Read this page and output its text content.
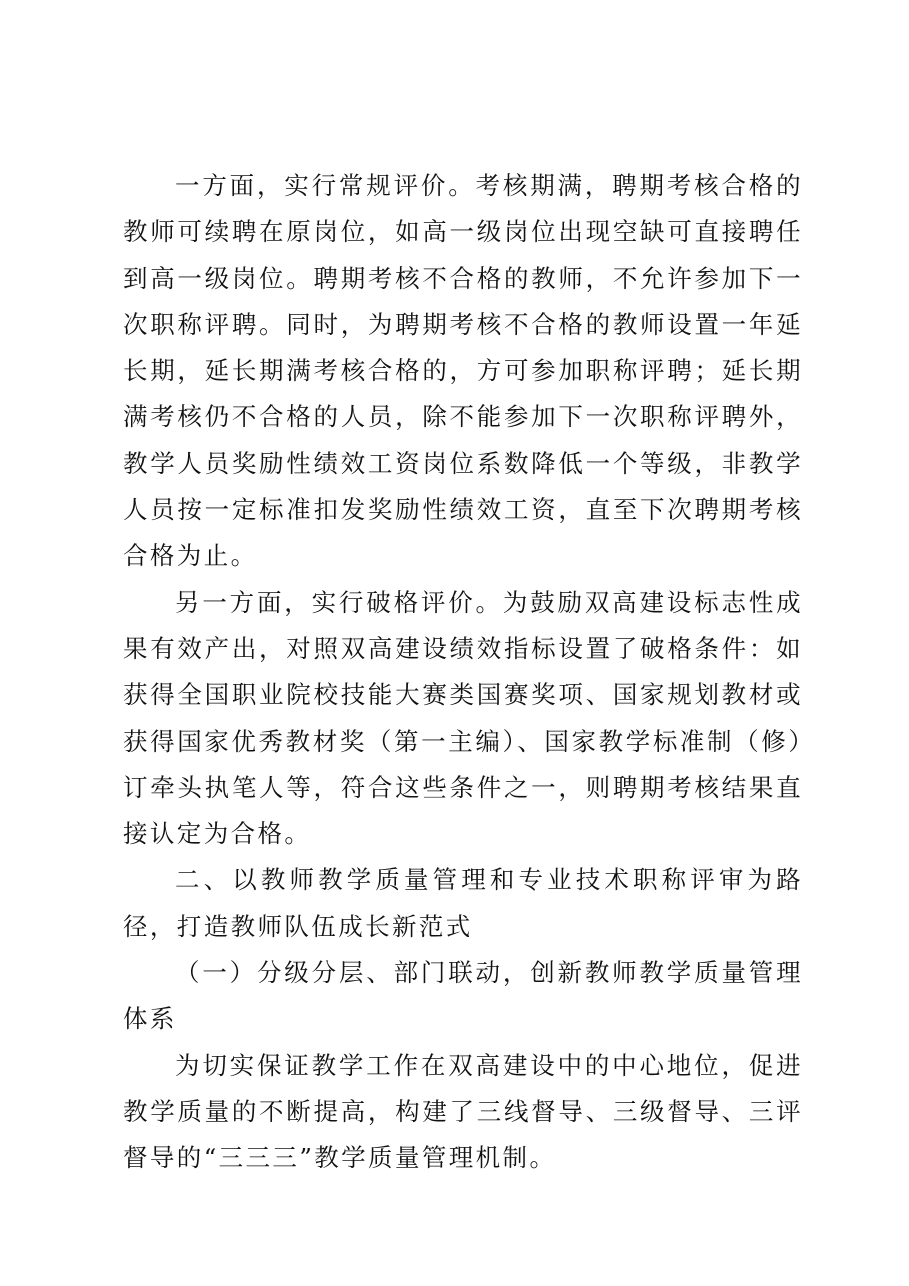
一方面，实行常规评价。考核期满，聘期考核合格的教师可续聘在原岗位，如高一级岗位出现空缺可直接聘任到高一级岗位。聘期考核不合格的教师，不允许参加下一次职称评聘。同时，为聘期考核不合格的教师设置一年延长期，延长期满考核合格的，方可参加职称评聘；延长期满考核仍不合格的人员，除不能参加下一次职称评聘外，教学人员奖励性绩效工资岗位系数降低一个等级，非教学人员按一定标准扣发奖励性绩效工资，直至下次聘期考核合格为止。

另一方面，实行破格评价。为鼓励双高建设标志性成果有效产出，对照双高建设绩效指标设置了破格条件：如获得全国职业院校技能大赛类国赛奖项、国家规划教材或获得国家优秀教材奖（第一主编）、国家教学标准制（修）订牵头执笔人等，符合这些条件之一，则聘期考核结果直接认定为合格。

二、以教师教学质量管理和专业技术职称评审为路径，打造教师队伍成长新范式

（一）分级分层、部门联动，创新教师教学质量管理体系

为切实保证教学工作在双高建设中的中心地位，促进教学质量的不断提高，构建了三线督导、三级督导、三评督导的“三三三”教学质量管理机制。
